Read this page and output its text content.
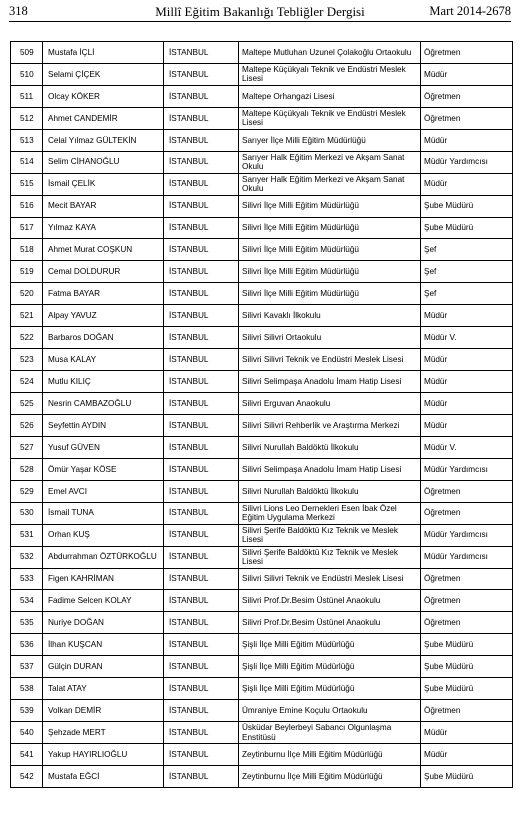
318	Millî Eğitim Bakanlığı Tebliğler Dergisi	Mart 2014-2678
509	Mustafa İÇLİ	İSTANBUL	Maltepe Mutluhan Uzunel Çolakoğlu Ortaokulu	Öğretmen
510	Selami ÇİÇEK	İSTANBUL	Maltepe Küçükyalı Teknik ve Endüstri Meslek Lisesi	Müdür
511	Olcay KÖKER	İSTANBUL	Maltepe Orhangazi Lisesi	Öğretmen
512	Ahmet CANDEMİR	İSTANBUL	Maltepe Küçükyalı Teknik ve Endüstri Meslek Lisesi	Öğretmen
513	Celal Yılmaz GÜLTEKİN	İSTANBUL	Sarıyer İlçe Milli Eğitim Müdürlüğü	Müdür
514	Selim CİHANOĞLU	İSTANBUL	Sarıyer Halk Eğitim Merkezi ve Akşam Sanat Okulu	Müdür Yardımcısı
515	İsmail ÇELİK	İSTANBUL	Sarıyer Halk Eğitim Merkezi ve Akşam Sanat Okulu	Müdür
516	Mecit BAYAR	İSTANBUL	Silivri İlçe Milli Eğitim Müdürlüğü	Şube Müdürü
517	Yılmaz KAYA	İSTANBUL	Silivri İlçe Milli Eğitim Müdürlüğü	Şube Müdürü
518	Ahmet Murat COŞKUN	İSTANBUL	Silivri İlçe Milli Eğitim Müdürlüğü	Şef
519	Cemal DOLDURUR	İSTANBUL	Silivri İlçe Milli Eğitim Müdürlüğü	Şef
520	Fatma BAYAR	İSTANBUL	Silivri İlçe Milli Eğitim Müdürlüğü	Şef
521	Alpay YAVUZ	İSTANBUL	Silivri Kavaklı İlkokulu	Müdür
522	Barbaros DOĞAN	İSTANBUL	Silivri Silivri Ortaokulu	Müdür V.
523	Musa KALAY	İSTANBUL	Silivri Silivri Teknik ve Endüstri Meslek Lisesi	Müdür
524	Mutlu KILIÇ	İSTANBUL	Silivri Selimpaşa Anadolu İmam Hatip Lisesi	Müdür
525	Nesrin CAMBAZOĞLU	İSTANBUL	Silivri Erguvan Anaokulu	Müdür
526	Seyfettin AYDIN	İSTANBUL	Silivri Silivri Rehberlik ve Araştırma Merkezi	Müdür
527	Yusuf GÜVEN	İSTANBUL	Silivri Nurullah Baldöktü İlkokulu	Müdür V.
528	Ömür Yaşar KÖSE	İSTANBUL	Silivri Selimpaşa Anadolu İmam Hatip Lisesi	Müdür Yardımcısı
529	Emel AVCI	İSTANBUL	Silivri Nurullah Baldöktü İlkokulu	Öğretmen
530	İsmail TUNA	İSTANBUL	Silivri Lions Leo Dernekleri Esen İbak Özel Eğitim Uygulama Merkezi	Öğretmen
531	Orhan KUŞ	İSTANBUL	Silivri Şerife Baldöktü Kız Teknik ve Meslek Lisesi	Müdür Yardımcısı
532	Abdurrahman ÖZTÜRKOĞLU	İSTANBUL	Silivri Şerife Baldöktü Kız Teknik ve Meslek Lisesi	Müdür Yardımcısı
533	Figen KAHRİMAN	İSTANBUL	Silivri Silivri Teknik ve Endüstri Meslek Lisesi	Öğretmen
534	Fadime Selcen KOLAY	İSTANBUL	Silivri Prof.Dr.Besim Üstünel Anaokulu	Öğretmen
535	Nuriye DOĞAN	İSTANBUL	Silivri Prof.Dr.Besim Üstünel Anaokulu	Öğretmen
536	İlhan KUŞCAN	İSTANBUL	Şişli İlçe Milli Eğitim Müdürlüğü	Şube Müdürü
537	Gülçin DURAN	İSTANBUL	Şişli İlçe Milli Eğitim Müdürlüğü	Şube Müdürü
538	Talat ATAY	İSTANBUL	Şişli İlçe Milli Eğitim Müdürlüğü	Şube Müdürü
539	Volkan DEMİR	İSTANBUL	Ümraniye Emine Koçulu Ortaokulu	Öğretmen
540	Şehzade MERT	İSTANBUL	Üsküdar Beylerbeyi Sabancı Olgunlaşma Enstitüsü	Müdür
541	Yakup HAYIRLIOĞLU	İSTANBUL	Zeytinburnu İlçe Milli Eğitim Müdürlüğü	Müdür
542	Mustafa EĞCİ	İSTANBUL	Zeytinburnu İlçe Milli Eğitim Müdürlüğü	Şube Müdürü
